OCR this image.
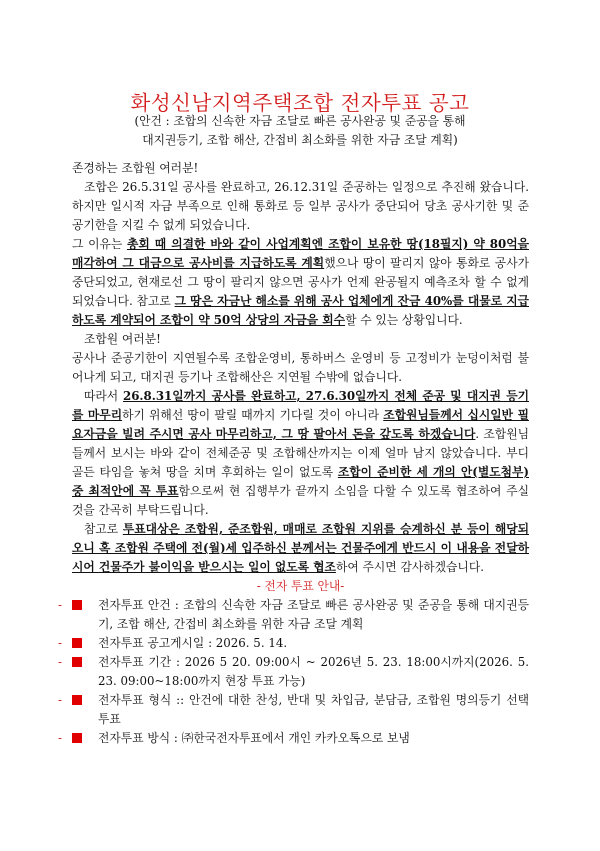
화성신남지역주택조합 전자투표 공고
(안건 : 조합의 신속한 자금 조달로 빠른 공사완공 및 준공을 통해
대지권등기, 조합 해산, 간접비 최소화를 위한 자금 조달 계획)

존경하는 조합원 여러분!

조합은 26.5.31일 공사를 완료하고, 26.12.31일 준공하는 일정으로 추진해 왔습니다. 하지만 일시적 자금 부족으로 인해 통화로 등 일부 공사가 중단되어 당초 공사기한 및 준공기한을 지킬 수 없게 되었습니다.

그 이유는 총회 때 의결한 바와 같이 사업계획엔 조합이 보유한 땅(18필지) 약 80억을 매각하여 그 대금으로 공사비를 지급하도록 계획했으나 땅이 팔리지 않아 통화로 공사가 중단되었고, 현재로선 그 땅이 팔리지 않으면 공사가 언제 완공될지 예측조차 할 수 없게 되었습니다. 참고로 그 땅은 자금난 해소를 위해 공사 업체에게 잔금 40%를 대물로 지급하도록 계약되어 조합이 약 50억 상당의 자금을 회수할 수 있는 상황입니다.

조합원 여러분!

공사나 준공기한이 지연될수록 조합운영비, 통하버스 운영비 등 고정비가 눈덩이처럼 불어나게 되고, 대지권 등기나 조합해산은 지연될 수밖에 없습니다.

따라서 26.8.31일까지 공사를 완료하고, 27.6.30일까지 전체 준공 및 대지권 등기를 마무리하기 위해선 땅이 팔릴 때까지 기다릴 것이 아니라 조합원님들께서 십시일반 필요자금을 빌려 주시면 공사 마무리하고, 그 땅 팔아서 돈을 갚도록 하겠습니다. 조합원님들께서 보시는 바와 같이 전체준공 및 조합해산까지는 이제 얼마 남지 않았습니다. 부디 골든 타임을 놓쳐 땅을 치며 후회하는 일이 없도록 조합이 준비한 세 개의 안(별도첨부) 중 최적안에 꼭 투표함으로써 현 집행부가 끝까지 소임을 다할 수 있도록 협조하여 주실 것을 간곡히 부탁드립니다.

참고로 투표대상은 조합원, 준조합원, 매매로 조합원 지위를 승계하신 분 등이 해당되오니 혹 조합원 주택에 전(월)세 입주하신 분께서는 건물주에게 반드시 이 내용을 전달하시어 건물주가 불이익을 받으시는 일이 없도록 협조하여 주시면 감사하겠습니다.

- 전자 투표 안내-

-	전자투표 안건 : 조합의 신속한 자금 조달로 빠른 공사완공 및 준공을 통해 대지권등기, 조합 해산, 간접비 최소화를 위한 자금 조달 계획
-	전자투표 공고게시일 : 2026. 5. 14.
-	전자투표 기간 : 2026 5 20. 09:00시 ~ 2026년 5. 23. 18:00시까지(2026. 5. 23. 09:00~18:00까지 현장 투표 가능)
-	전자투표 형식 :: 안건에 대한 찬성, 반대 및 차입금, 분담금, 조합원 명의등기 선택 투표
-	전자투표 방식 : ㈜한국전자투표에서 개인 카카오톡으로 보냄
